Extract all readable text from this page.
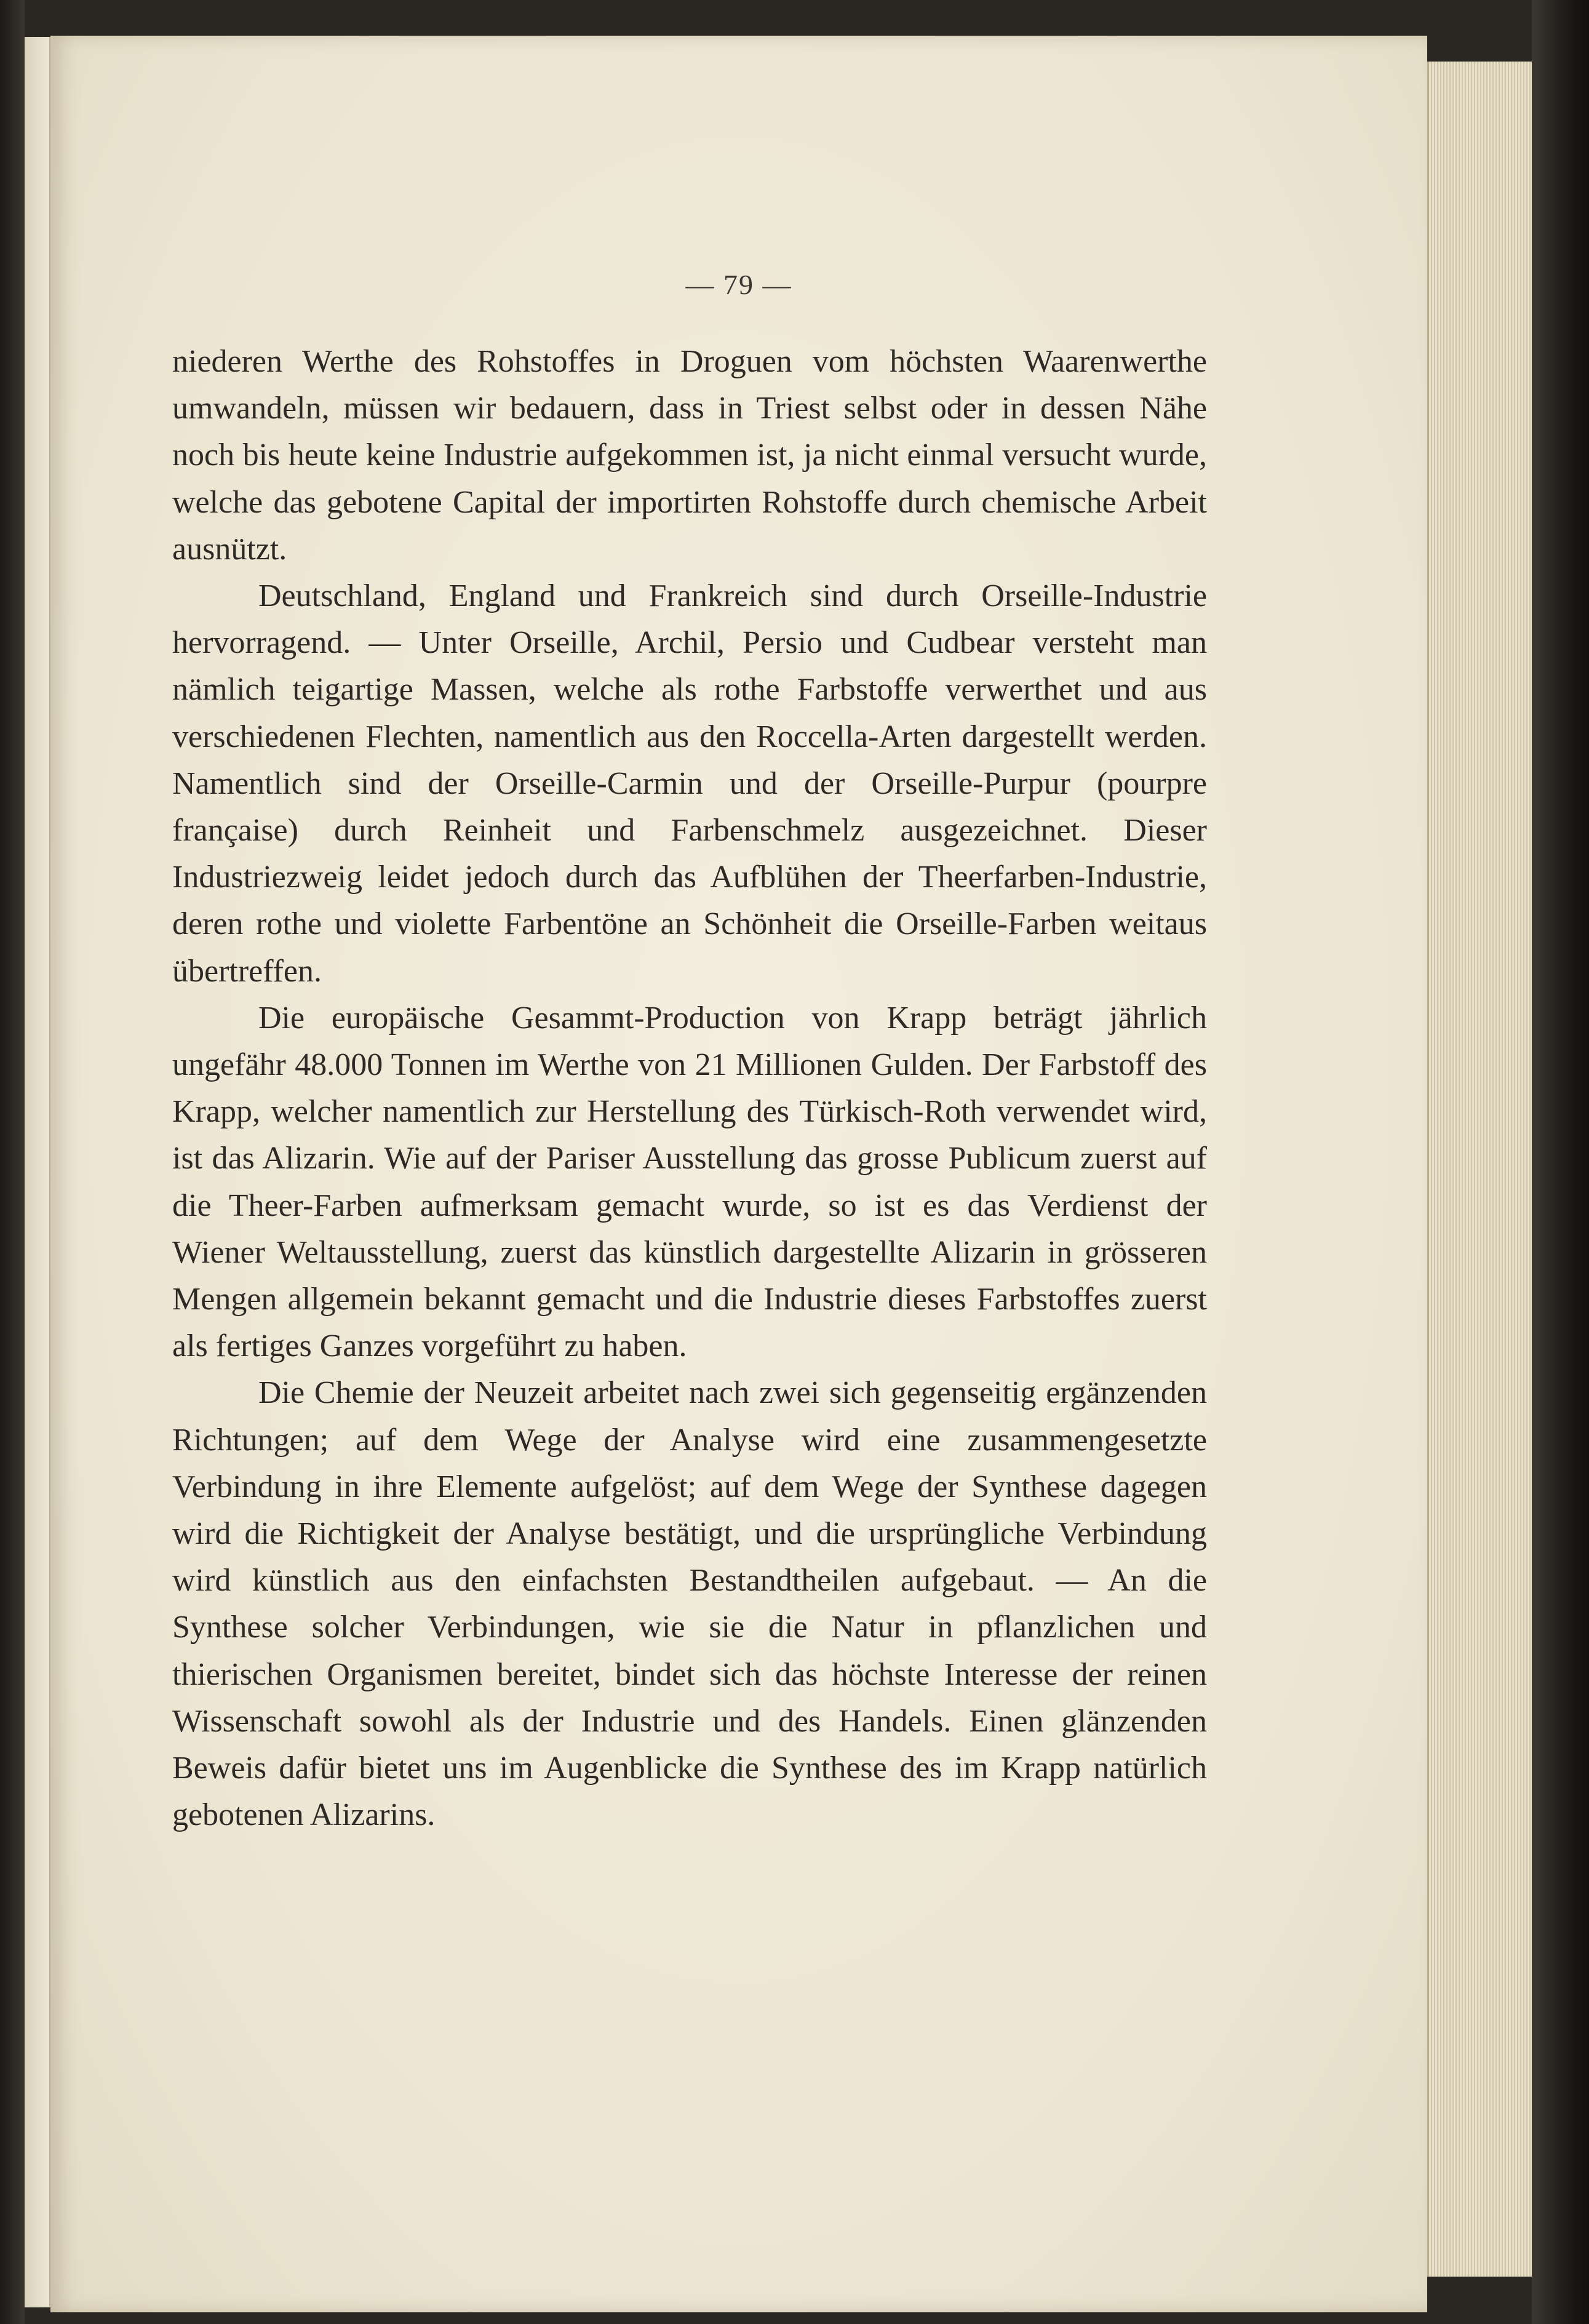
— 79 —

niederen Werthe des Rohstoffes in Droguen vom höchsten Waarenwerthe umwandeln, müssen wir bedauern, dass in Triest selbst oder in dessen Nähe noch bis heute keine Industrie aufgekommen ist, ja nicht einmal versucht wurde, welche das gebotene Capital der importirten Rohstoffe durch chemische Arbeit ausnützt.

Deutschland, England und Frankreich sind durch Orseille-Industrie hervorragend. — Unter Orseille, Archil, Persio und Cudbear versteht man nämlich teigartige Massen, welche als rothe Farbstoffe verwerthet und aus verschiedenen Flechten, namentlich aus den Roccella-Arten dargestellt werden. Namentlich sind der Orseille-Carmin und der Orseille-Purpur (pourpre française) durch Reinheit und Farbenschmelz ausgezeichnet. Dieser Industriezweig leidet jedoch durch das Aufblühen der Theerfarben-Industrie, deren rothe und violette Farbentöne an Schönheit die Orseille-Farben weitaus übertreffen.

Die europäische Gesammt-Production von Krapp beträgt jährlich ungefähr 48.000 Tonnen im Werthe von 21 Millionen Gulden. Der Farbstoff des Krapp, welcher namentlich zur Herstellung des Türkisch-Roth verwendet wird, ist das Alizarin. Wie auf der Pariser Ausstellung das grosse Publicum zuerst auf die Theer-Farben aufmerksam gemacht wurde, so ist es das Verdienst der Wiener Weltausstellung, zuerst das künstlich dargestellte Alizarin in grösseren Mengen allgemein bekannt gemacht und die Industrie dieses Farbstoffes zuerst als fertiges Ganzes vorgeführt zu haben.

Die Chemie der Neuzeit arbeitet nach zwei sich gegenseitig ergänzenden Richtungen; auf dem Wege der Analyse wird eine zusammengesetzte Verbindung in ihre Elemente aufgelöst; auf dem Wege der Synthese dagegen wird die Richtigkeit der Analyse bestätigt, und die ursprüngliche Verbindung wird künstlich aus den einfachsten Bestandtheilen aufgebaut. — An die Synthese solcher Verbindungen, wie sie die Natur in pflanzlichen und thierischen Organismen bereitet, bindet sich das höchste Interesse der reinen Wissenschaft sowohl als der Industrie und des Handels. Einen glänzenden Beweis dafür bietet uns im Augenblicke die Synthese des im Krapp natürlich gebotenen Alizarins.
